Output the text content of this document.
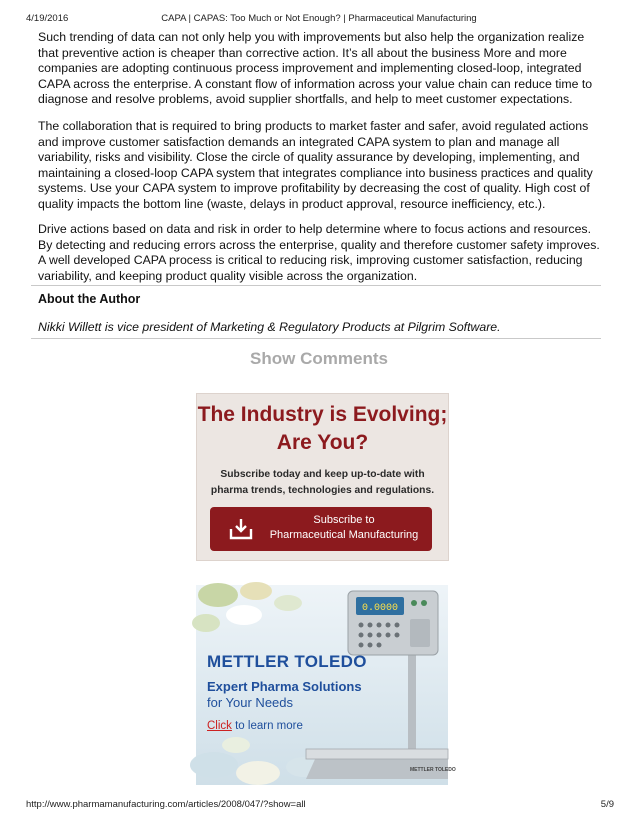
4/19/2016	CAPA | CAPAS: Too Much or Not Enough? | Pharmaceutical Manufacturing

Such trending of data can not only help you with improvements but also help the organization realize that preventive action is cheaper than corrective action. It’s all about the business More and more companies are adopting continuous process improvement and implementing closed-loop, integrated CAPA across the enterprise. A constant flow of information across your value chain can reduce time to diagnose and resolve problems, avoid supplier shortfalls, and help to meet customer expectations.

The collaboration that is required to bring products to market faster and safer, avoid regulated actions and improve customer satisfaction demands an integrated CAPA system to plan and manage all variability, risks and visibility. Close the circle of quality assurance by developing, implementing, and maintaining a closed-loop CAPA system that integrates compliance into business practices and quality systems. Use your CAPA system to improve profitability by decreasing the cost of quality. High cost of quality impacts the bottom line (waste, delays in product approval, resource inefficiency, etc.).

Drive actions based on data and risk in order to help determine where to focus actions and resources. By detecting and reducing errors across the enterprise, quality and therefore customer safety improves. A well developed CAPA process is critical to reducing risk, improving customer satisfaction, reducing variability, and keeping product quality visible across the organization.

About the Author
Nikki Willett is vice president of Marketing & Regulatory Products at Pilgrim Software.
Show Comments
The Industry is Evolving;
Are You?
Subscribe today and keep up-to-date with
pharma trends, technologies and regulations.
Subscribe to
Pharmaceutical Manufacturing
0.0000
METTLER TOLEDO
METTLER TOLEDO
Expert Pharma Solutions
for Your Needs
Click to learn more
http://www.pharmamanufacturing.com/articles/2008/047/?show=all	5/9
